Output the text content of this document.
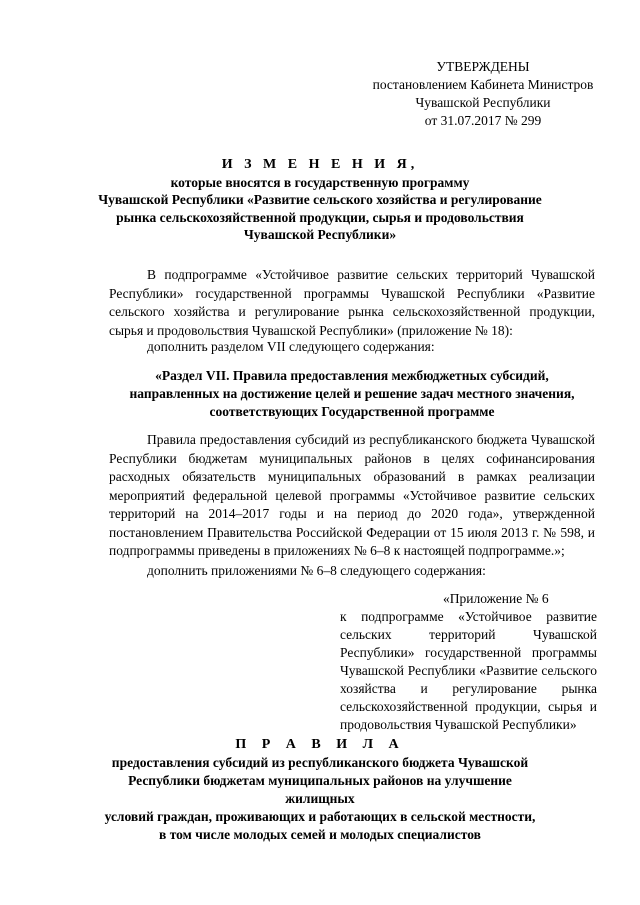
УТВЕРЖДЕНЫ
постановлением Кабинета Министров
Чувашской Республики
от 31.07.2017 № 299
И З М Е Н Е Н И Я,
которые вносятся в государственную программу
Чувашской Республики «Развитие сельского хозяйства и регулирование
рынка сельскохозяйственной продукции, сырья и продовольствия
Чувашской Республики»
В подпрограмме «Устойчивое развитие сельских территорий Чувашской Республики» государственной программы Чувашской Республики «Развитие сельского хозяйства и регулирование рынка сельскохозяйственной продукции, сырья и продовольствия Чувашской Республики» (приложение № 18):
дополнить разделом VII следующего содержания:
«Раздел VII. Правила предоставления межбюджетных субсидий,
направленных на достижение целей и решение задач местного значения,
соответствующих Государственной программе
Правила предоставления субсидий из республиканского бюджета Чувашской Республики бюджетам муниципальных районов в целях софинансирования расходных обязательств муниципальных образований в рамках реализации мероприятий федеральной целевой программы «Устойчивое развитие сельских территорий на 2014–2017 годы и на период до 2020 года», утвержденной постановлением Правительства Российской Федерации от 15 июля 2013 г. № 598, и подпрограммы приведены в приложениях № 6–8 к настоящей подпрограмме.»;
дополнить приложениями № 6–8 следующего содержания:
«Приложение № 6
к подпрограмме «Устойчивое развитие сельских территорий Чувашской Республики» государственной программы Чувашской Республики «Развитие сельского хозяйства и регулирование рынка сельскохозяйственной продукции, сырья и продовольствия Чувашской Республики»
П Р А В И Л А
предоставления субсидий из республиканского бюджета Чувашской
Республики бюджетам муниципальных районов на улучшение жилищных
условий граждан, проживающих и работающих в сельской местности,
в том числе молодых семей и молодых специалистов
